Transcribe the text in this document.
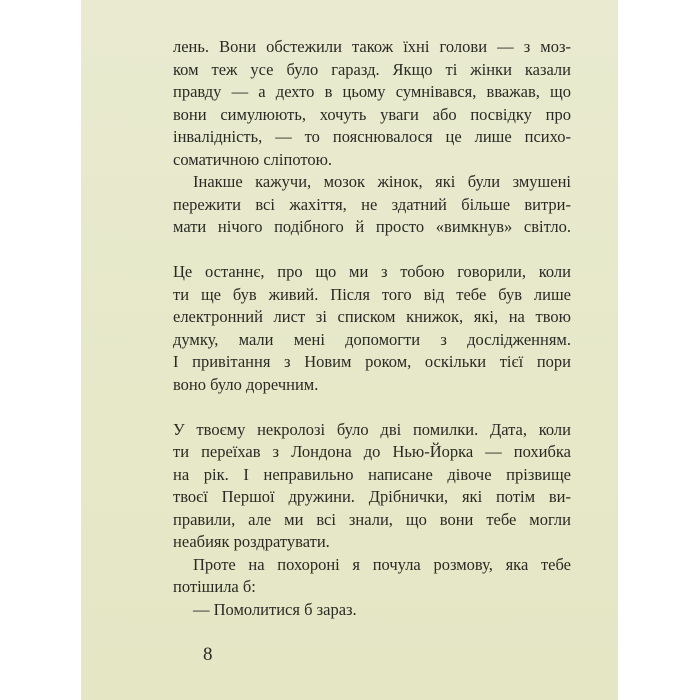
лень. Вони обстежили також їхні голови — з моз-
ком теж усе було гаразд. Якщо ті жінки казали
правду — а дехто в цьому сумнівався, вважав, що
вони симулюють, хочуть уваги або посвідку про
інвалідність, — то пояснювалося це лише психо-
соматичною сліпотою.
Інакше кажучи, мозок жінок, які були змушені
пережити всі жахіття, не здатний більше витри-
мати нічого подібного й просто «вимкнув» світло.
Це останнє, про що ми з тобою говорили, коли
ти ще був живий. Після того від тебе був лише
електронний лист зі списком книжок, які, на твою
думку, мали мені допомогти з дослідженням.
І привітання з Новим роком, оскільки тієї пори
воно було доречним.
У твоєму некролозі було дві помилки. Дата, коли
ти переїхав з Лондона до Нью-Йорка — похибка
на рік. І неправильно написане дівоче прізвище
твоєї Першої дружини. Дрібнички, які потім ви-
правили, але ми всі знали, що вони тебе могли
неабияк роздратувати.
Проте на похороні я почула розмову, яка тебе
потішила б:
— Помолитися б зараз.
8
